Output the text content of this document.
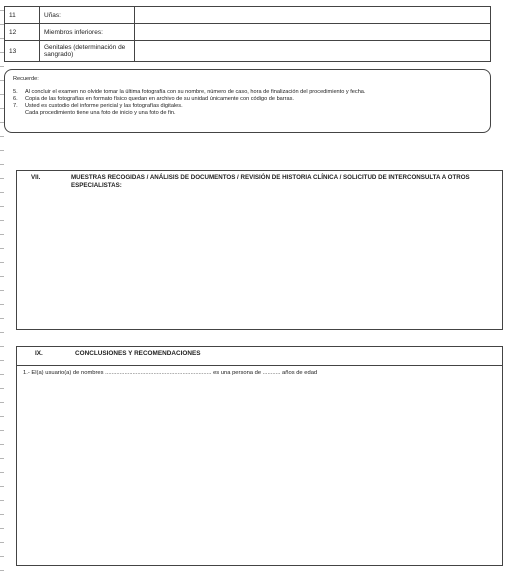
11	Uñas:	
12	Miembros inferiores:	
13	Genitales (determinación de sangrado)	
Recuerde:
5.	Al concluir el examen no olvide tomar la última fotografía con su nombre, número de caso, hora de finalización del procedimiento y fecha.
6.	Copia de las fotografías en formato físico quedan en archivo de su unidad únicamente con código de barras.
7.	Usted es custodio del informe pericial y las fotografías digitales.
Cada procedimiento tiene una foto de inicio y una foto de fin.
VII.	MUESTRAS RECOGIDAS / ANÁLISIS DE DOCUMENTOS / REVISIÓN DE HISTORIA CLÍNICA / SOLICITUD DE INTERCONSULTA A OTROS ESPECIALISTAS:
IX.	CONCLUSIONES Y RECOMENDACIONES
1.- El(a) usuario(a) de nombres .................................................................. es una persona de ........... años de edad
